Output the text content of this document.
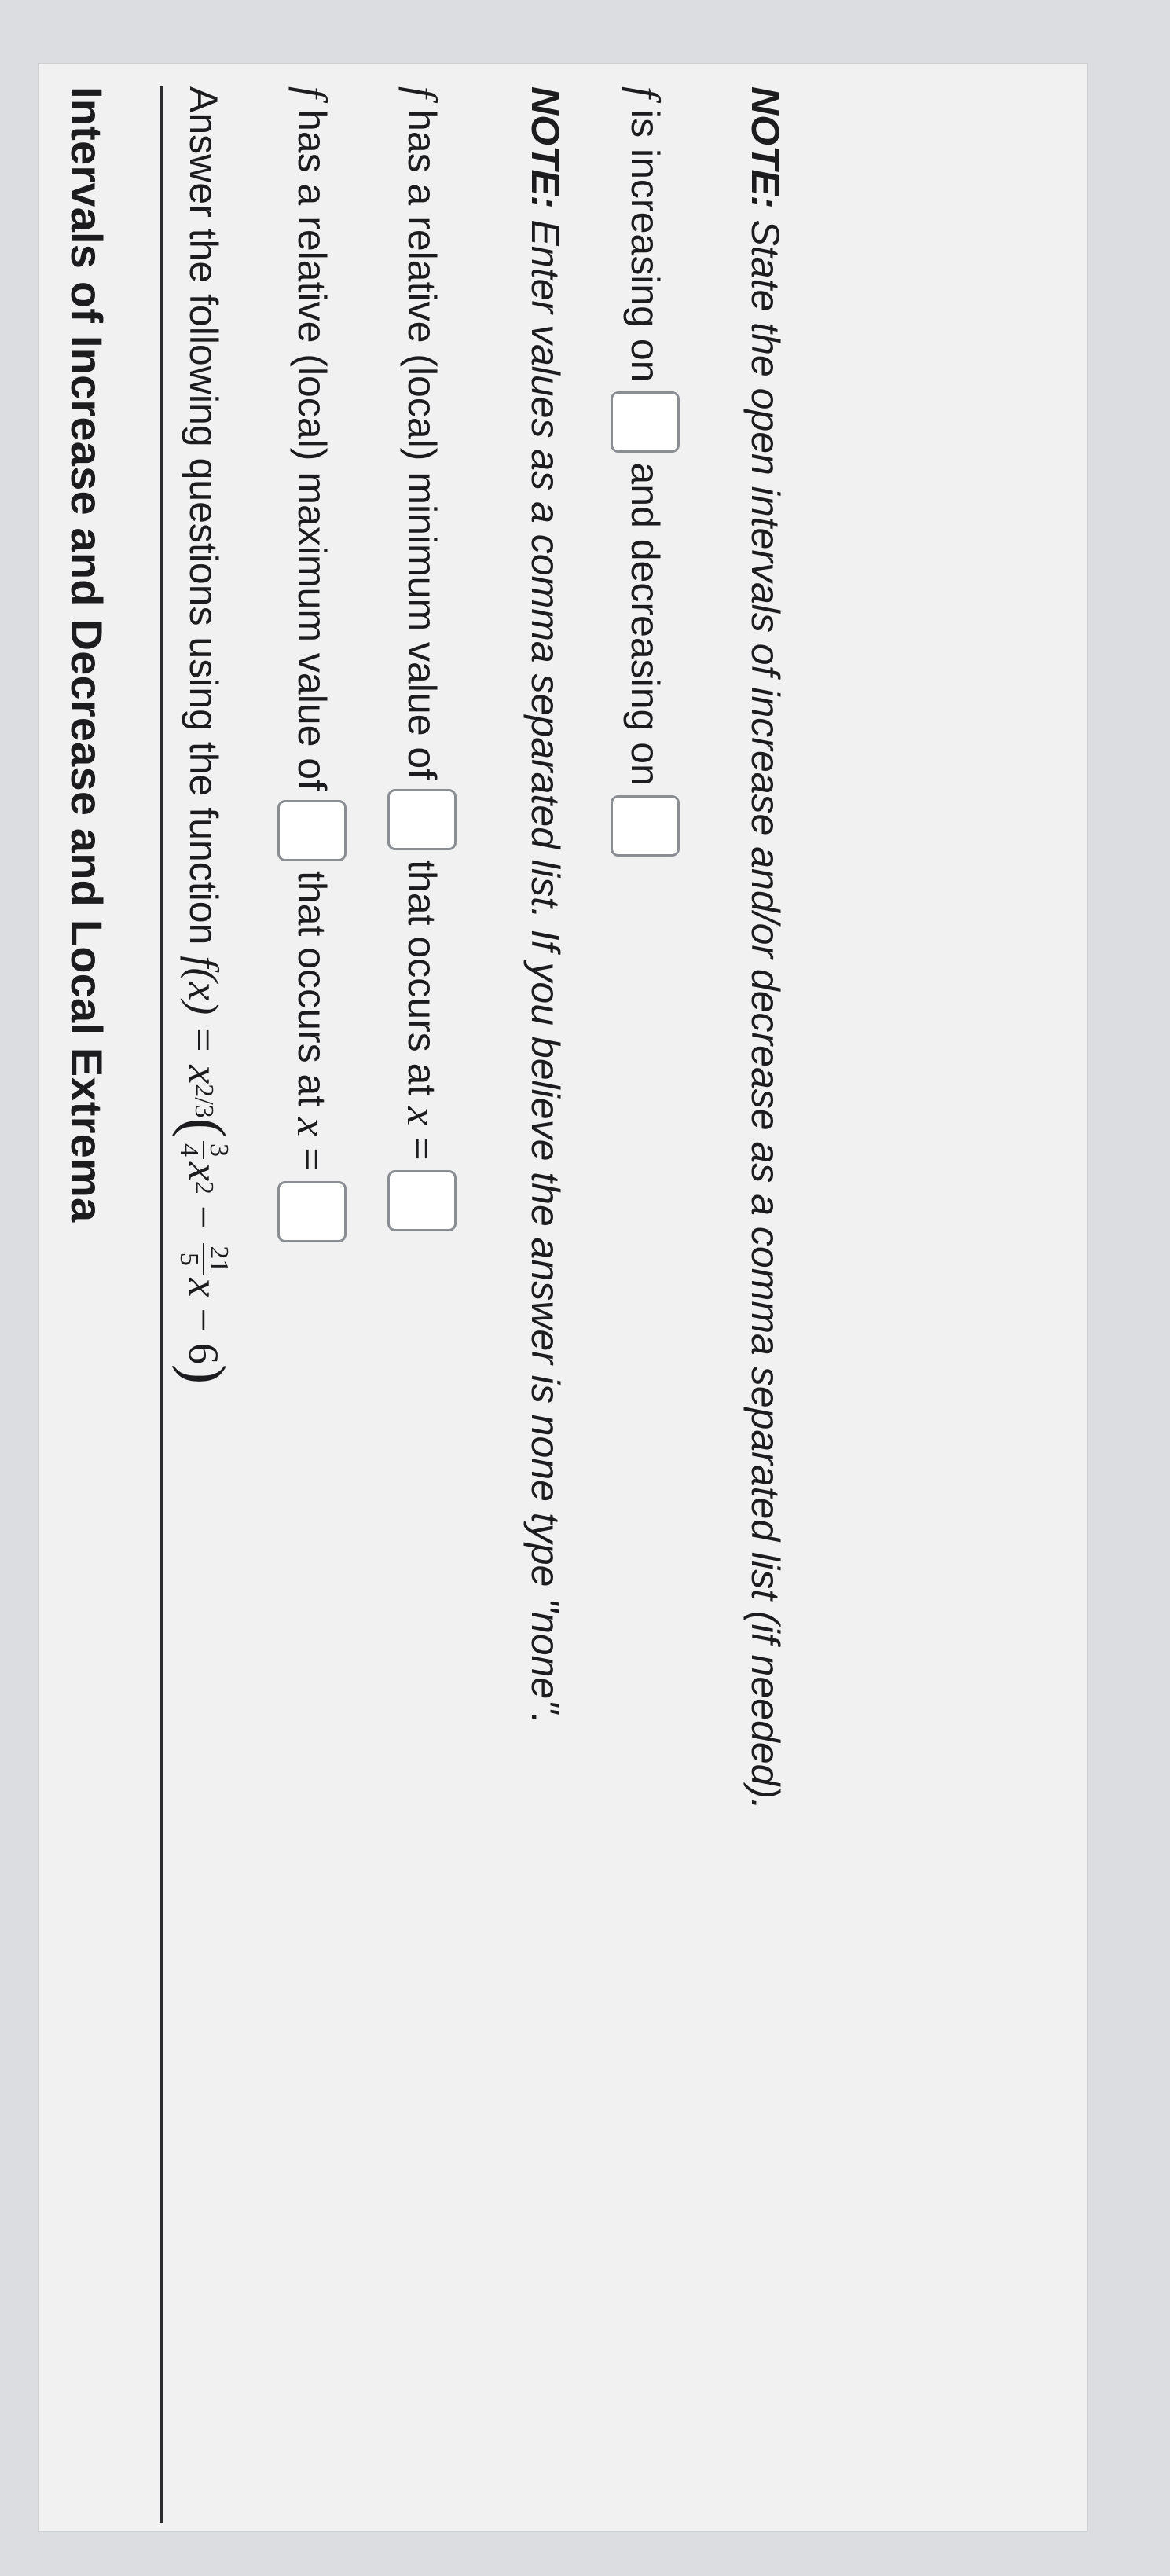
Intervals of Increase and Decrease and Local Extrema Answer the following questions using the function
f(x) =
x
2/3
(
3
4
x
2
−
21
5
x
−
6
)
f
has a relative (local) maximum value of
that occurs at
x
=
f
has a relative (local) minimum value of
that occurs at
x
=
NOTE:
Enter values as a comma separated list. If you believe the answer is none type "none".
f
is increasing on
and decreasing on
NOTE:
State the open intervals of increase and/or decrease as a comma separated list (if needed).
